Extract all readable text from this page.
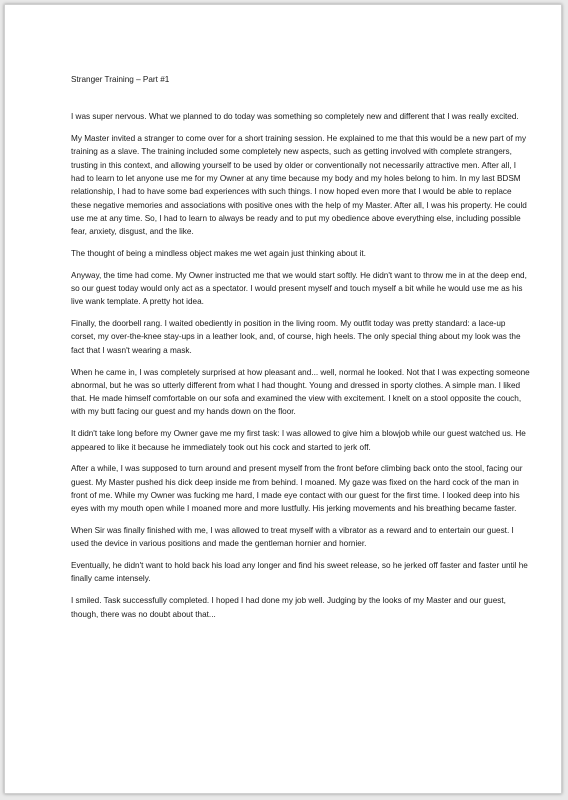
Stranger Training – Part #1

I was super nervous. What we planned to do today was something so completely new and different that I was really excited.

My Master invited a stranger to come over for a short training session. He explained to me that this would be a new part of my training as a slave. The training included some completely new aspects, such as getting involved with complete strangers, trusting in this context, and allowing yourself to be used by older or conventionally not necessarily attractive men. After all, I had to learn to let anyone use me for my Owner at any time because my body and my holes belong to him. In my last BDSM relationship, I had to have some bad experiences with such things. I now hoped even more that I would be able to replace these negative memories and associations with positive ones with the help of my Master. After all, I was his property. He could use me at any time. So, I had to learn to always be ready and to put my obedience above everything else, including possible fear, anxiety, disgust, and the like.

The thought of being a mindless object makes me wet again just thinking about it.

Anyway, the time had come. My Owner instructed me that we would start softly. He didn't want to throw me in at the deep end, so our guest today would only act as a spectator. I would present myself and touch myself a bit while he would use me as his live wank template. A pretty hot idea.

Finally, the doorbell rang. I waited obediently in position in the living room. My outfit today was pretty standard: a lace-up corset, my over-the-knee stay-ups in a leather look, and, of course, high heels. The only special thing about my look was the fact that I wasn't wearing a mask.

When he came in, I was completely surprised at how pleasant and... well, normal he looked. Not that I was expecting someone abnormal, but he was so utterly different from what I had thought. Young and dressed in sporty clothes. A simple man. I liked that. He made himself comfortable on our sofa and examined the view with excitement. I knelt on a stool opposite the couch, with my butt facing our guest and my hands down on the floor.

It didn't take long before my Owner gave me my first task: I was allowed to give him a blowjob while our guest watched us. He appeared to like it because he immediately took out his cock and started to jerk off.

After a while, I was supposed to turn around and present myself from the front before climbing back onto the stool, facing our guest. My Master pushed his dick deep inside me from behind. I moaned. My gaze was fixed on the hard cock of the man in front of me. While my Owner was fucking me hard, I made eye contact with our guest for the first time. I looked deep into his eyes with my mouth open while I moaned more and more lustfully. His jerking movements and his breathing became faster.

When Sir was finally finished with me, I was allowed to treat myself with a vibrator as a reward and to entertain our guest. I used the device in various positions and made the gentleman hornier and hornier.

Eventually, he didn't want to hold back his load any longer and find his sweet release, so he jerked off faster and faster until he finally came intensely.

I smiled. Task successfully completed. I hoped I had done my job well. Judging by the looks of my Master and our guest, though, there was no doubt about that...
